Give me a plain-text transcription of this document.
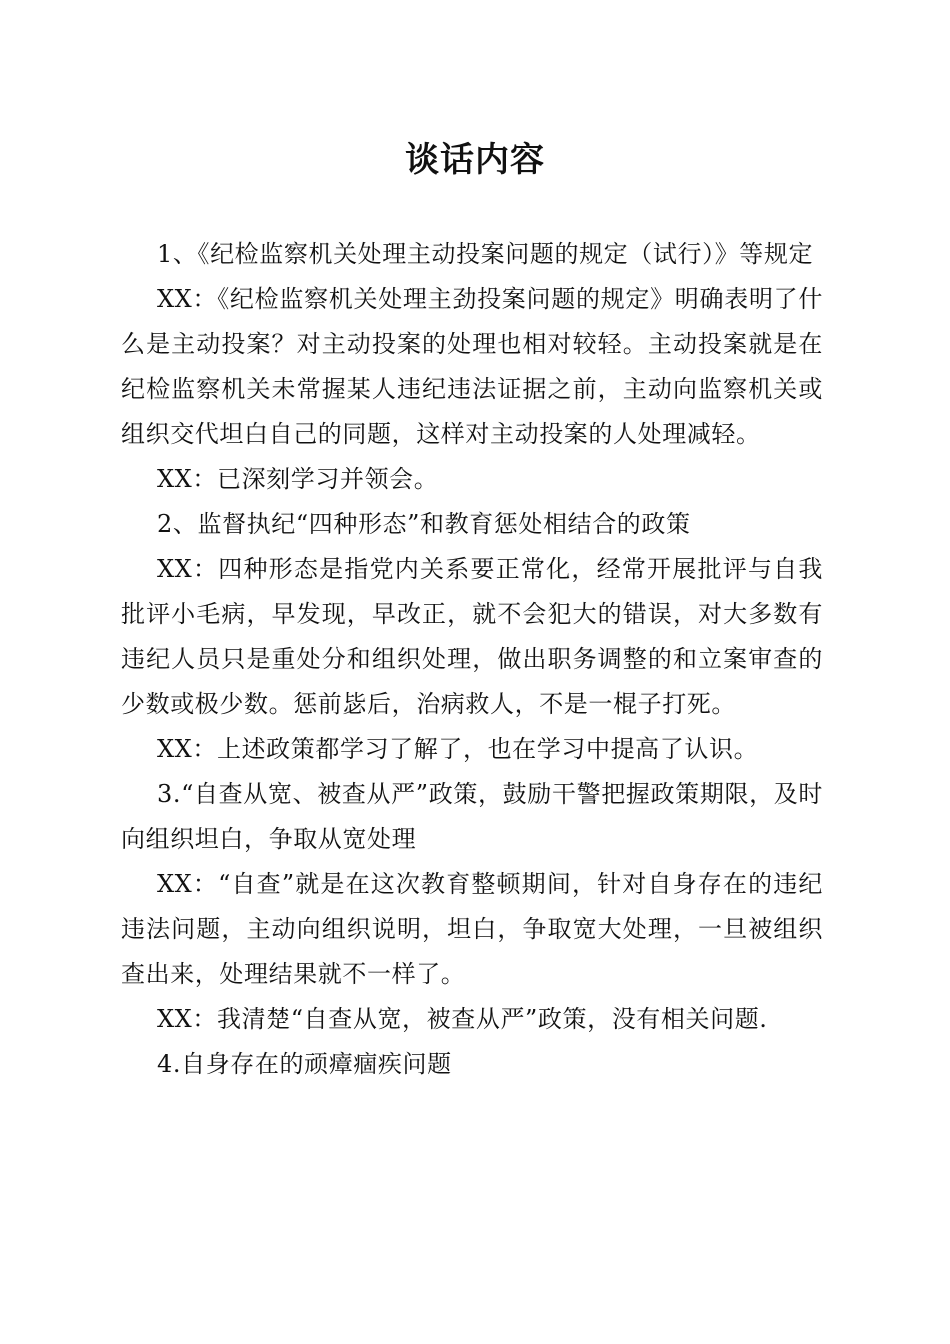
谈话内容

1、《纪检监察机关处理主动投案问题的规定（试行）》等规定

XX：《纪检监察机关处理主劲投案问题的规定》明确表明了什么是主动投案？对主动投案的处理也相对较轻。主动投案就是在纪检监察机关未常握某人违纪违法证据之前，主动向监察机关或组织交代坦白自己的同题，这样对主动投案的人处理减轻。

XX：已深刻学习并领会。

2、监督执纪“四种形态”和教育惩处相结合的政策

XX：四种形态是指党内关系要正常化，经常开展批评与自我批评小毛病，早发现，早改正，就不会犯大的错误，对大多数有违纪人员只是重处分和组织处理，做出职务调整的和立案审查的少数或极少数。惩前毖后，治病救人，不是一棍子打死。

XX：上述政策都学习了解了，也在学习中提高了认识。

3.“自查从宽、被查从严”政策，鼓励干警把握政策期限，及时向组织坦白，争取从宽处理

XX：“自查”就是在这次教育整顿期间，针对自身存在的违纪违法问题，主动向组织说明，坦白，争取宽大处理，一旦被组织查出来，处理结果就不一样了。

XX：我清楚“自查从宽，被查从严”政策，没有相关问题.

4.自身存在的顽瘴痼疾问题
